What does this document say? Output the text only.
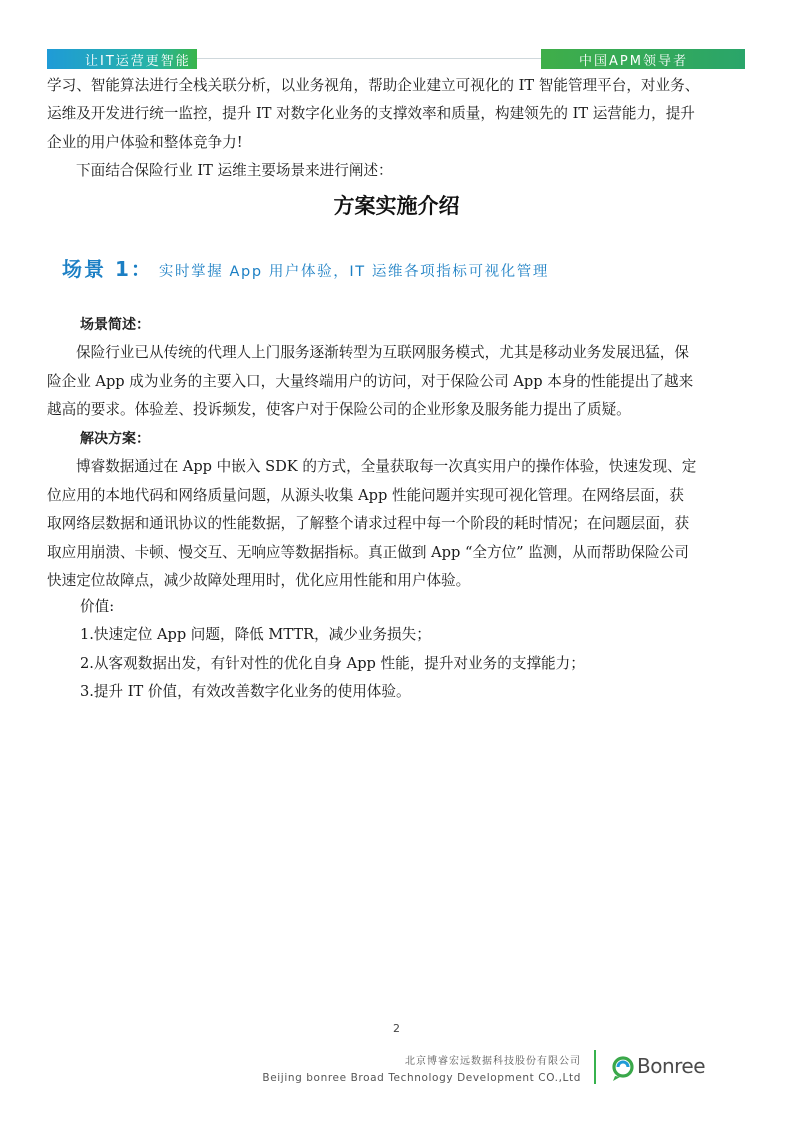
让IT运营更智能	中国APM领导者
学习、智能算法进行全栈关联分析，以业务视角，帮助企业建立可视化的 IT 智能管理平台，对业务、
运维及开发进行统一监控，提升 IT 对数字化业务的支撑效率和质量，构建领先的 IT 运营能力，提升
企业的用户体验和整体竞争力!
下面结合保险行业 IT 运维主要场景来进行阐述：
方案实施介绍
场景 1： 实时掌握 App 用户体验，IT 运维各项指标可视化管理
场景简述：
保险行业已从传统的代理人上门服务逐渐转型为互联网服务模式，尤其是移动业务发展迅猛，保
险企业 App 成为业务的主要入口，大量终端用户的访问，对于保险公司 App 本身的性能提出了越来
越高的要求。体验差、投诉频发，使客户对于保险公司的企业形象及服务能力提出了质疑。
解决方案：
博睿数据通过在 App 中嵌入 SDK 的方式，全量获取每一次真实用户的操作体验，快速发现、定
位应用的本地代码和网络质量问题，从源头收集 App 性能问题并实现可视化管理。在网络层面，获
取网络层数据和通讯协议的性能数据，了解整个请求过程中每一个阶段的耗时情况；在问题层面，获
取应用崩溃、卡顿、慢交互、无响应等数据指标。真正做到 App “全方位” 监测，从而帮助保险公司
快速定位故障点，减少故障处理用时，优化应用性能和用户体验。
价值:
1.快速定位 App 问题，降低 MTTR，减少业务损失；
2.从客观数据出发，有针对性的优化自身 App 性能，提升对业务的支撑能力；
3.提升 IT 价值，有效改善数字化业务的使用体验。
2
北京博睿宏远数据科技股份有限公司
Beijing bonree Broad Technology Development CO.,Ltd	Bonree
